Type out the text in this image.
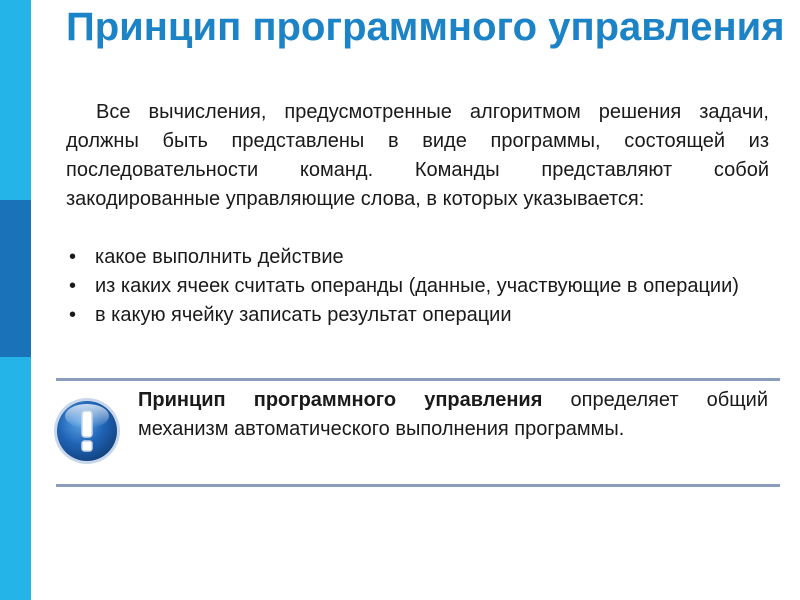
Принцип программного управления

Все вычисления, предусмотренные алгоритмом решения задачи, должны быть представлены в виде программы, состоящей из последовательности команд. Команды представляют собой закодированные управляющие слова, в которых указывается:

• какое выполнить действие
• из каких ячеек считать операнды (данные, участвующие в операции)
• в какую ячейку записать результат операции

Принцип программного управления определяет общий механизм автоматического выполнения программы.
